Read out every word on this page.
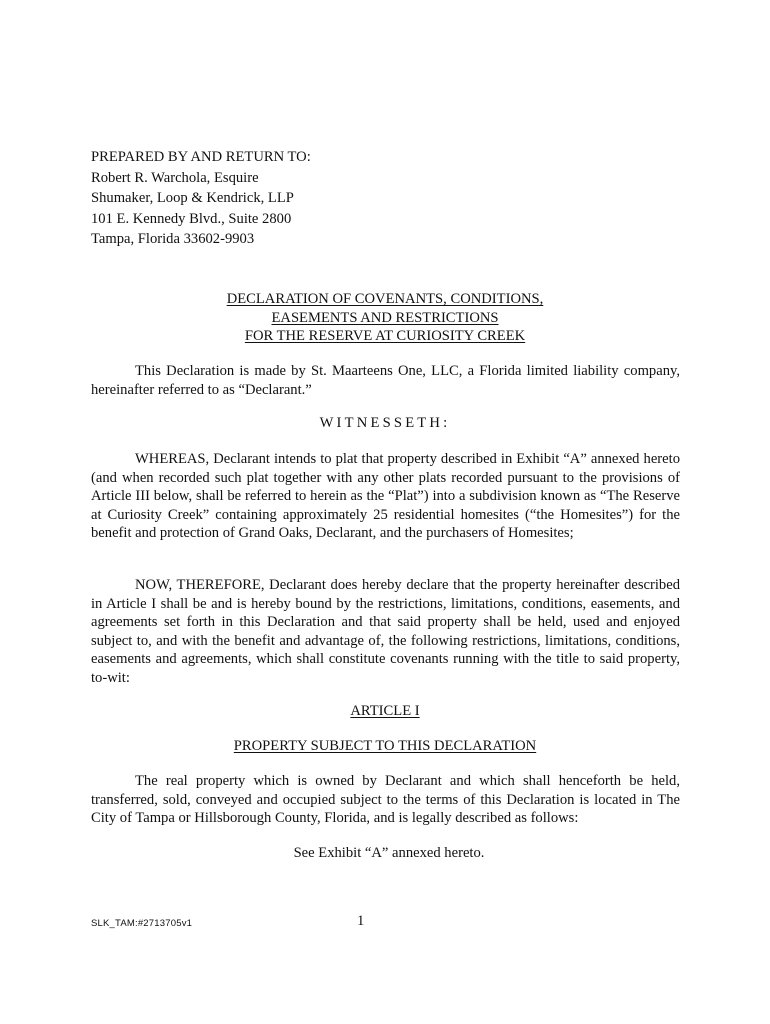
PREPARED BY AND RETURN TO:
Robert R. Warchola, Esquire
Shumaker, Loop & Kendrick, LLP
101 E. Kennedy Blvd., Suite 2800
Tampa, Florida 33602-9903
DECLARATION OF COVENANTS, CONDITIONS,
EASEMENTS AND RESTRICTIONS
FOR THE RESERVE AT CURIOSITY CREEK

This Declaration is made by St. Maarteens One, LLC, a Florida limited liability company, hereinafter referred to as “Declarant.”

WITNESSETH:

WHEREAS, Declarant intends to plat that property described in Exhibit “A” annexed hereto (and when recorded such plat together with any other plats recorded pursuant to the provisions of Article III below, shall be referred to herein as the “Plat”) into a subdivision known as “The Reserve at Curiosity Creek” containing approximately 25 residential homesites (“the Homesites”) for the benefit and protection of Grand Oaks, Declarant, and the purchasers of Homesites;

NOW, THEREFORE, Declarant does hereby declare that the property hereinafter described in Article I shall be and is hereby bound by the restrictions, limitations, conditions, easements, and agreements set forth in this Declaration and that said property shall be held, used and enjoyed subject to, and with the benefit and advantage of, the following restrictions, limitations, conditions, easements and agreements, which shall constitute covenants running with the title to said property, to-wit:

ARTICLE I
PROPERTY SUBJECT TO THIS DECLARATION

The real property which is owned by Declarant and which shall henceforth be held, transferred, sold, conveyed and occupied subject to the terms of this Declaration is located in The City of Tampa or Hillsborough County, Florida, and is legally described as follows:

See Exhibit “A” annexed hereto.
SLK_TAM:#2713705v1	1
